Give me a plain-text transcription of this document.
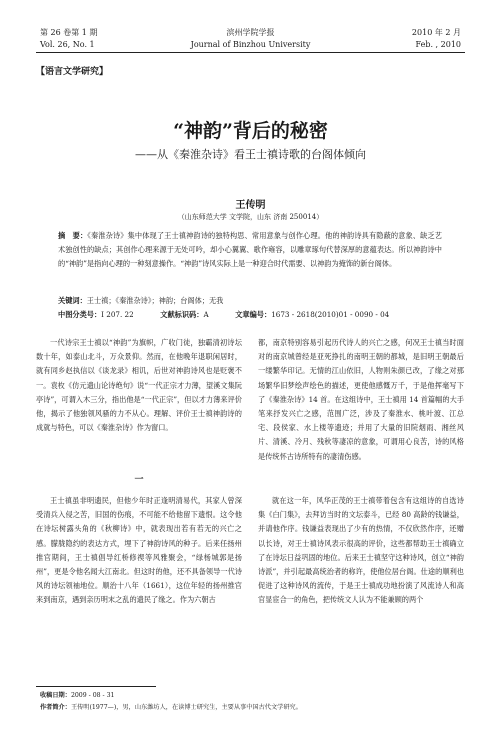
第 26 卷第 1 期
Vol. 26, No. 1
滨州学院学报
Journal of Binzhou University
2010 年 2 月
Feb. , 2010
【语言文学研究】
“神韵”背后的秘密
——从《秦淮杂诗》看王士禛诗歌的台阁体倾向
王传明
（山东师范大学 文学院，山东 济南 250014）
摘　要：《秦淮杂诗》集中体现了王士禛神韵诗的独特构思、常用意象与创作心理。他的神韵诗具有隐蔽的意象、缺乏艺术独创性的缺点；其创作心理来源于无处可吟，却小心翼翼、歌作雍容，以雕章琢句代替深厚的意蕴表达。所以神韵诗中的“神韵”是指向心理的一种刻意操作。“神韵”诗风实际上是一种迎合时代需要、以神韵为掩饰的新台阁体。
关键词：王士禛；《秦淮杂诗》；神韵；台阁体；无我
中图分类号：I 207. 22	文献标识码：A	文章编号：1673 - 2618(2010)01 - 0090 - 04
一代诗宗王士禛以“神韵”为旗帜，广收门徒，独霸清初诗坛数十年，如泰山北斗，万众景仰。然而，在他晚年退职闲居时，就有同乡赵执信以《谈龙录》相讥，后世对神韵诗风也是贬褒不一。袁枚《仿元遗山论诗绝句》说“一代正宗才力薄，望溪文集阮亭诗”，可谓入木三分，指出他是“一代正宗”，但以才力薄来评价他，揭示了他独领风骚的力不从心。理解、评价王士禛神韵诗的成就与特色，可以《秦淮杂诗》作为窗口。
一
王士禛虽非明遗民，但他少年时正逢明清易代，其家人曾深受清兵入侵之苦，旧国的伤痕，不可能不给他留下遗恨。这令他在诗坛树露头角的《秋柳诗》中，就表现出若有若无的兴亡之感。朦胧隐约的表达方式，埋下了神韵诗风的种子。后来任扬州推官期间，王士禛倡导红桥修禊等风雅聚会，“绿杨城郭是扬州”，更是令他名闻大江南北。但这时的他，还不具备领导一代诗风的诗坛领袖地位。顺治十八年（1661），这位年轻的扬州推官来到南京，遇到亲历明末之乱的遗民了缘之。作为六朝古
都，南京特别容易引起历代诗人的兴亡之感，何况王士禛当时面对的南京城曾经是亚死挣扎的南明王朝的都城，是旧明王朝最后一缕繁华印记。无情的江山依旧，人物则朱颜已改，了缘之对那场繁华旧梦绘声绘色的描述，更使他感慨万千，于是他挥毫写下了《秦淮杂诗》14 首。在这组诗中，王士禛用 14 首篇幅的大手笔来抒发兴亡之感，范围广泛，涉及了秦淮水、桃叶渡、江总宅、段侯家、水上楼等遗迹；并用了大量的旧院烟雨、湘丝风片、清溪、冷月、残秋等凄凉的意象，可谓用心良苦，诗的风格是传统怀古诗所特有的凄清伤感。
就在这一年，风华正茂的王士禛带着包含有这组诗的自选诗集《白门集》，去拜访当时的文坛泰斗，已经 80 高龄的钱谦益，并请他作序。钱谦益表现出了少有的热情，不仅欣然作序，还赠以长诗，对王士禛诗风表示很高的评价，这些都帮助王士禛确立了在诗坛日益巩固的地位。后来王士禛坚守这种诗风，创立“神韵诗派”，并引起最高统治者的称许，使他位居台阁。仕途的顺利也促进了这种诗风的流传，于是王士禛成功地扮演了风流诗人和高官显宦合一的角色，把传统文人认为不能兼顾的两个
收稿日期：2009 - 08 - 31
作者简介：王传明(1977—)，男，山东潍坊人，在读博士研究生，主要从事中国古代文学研究。
